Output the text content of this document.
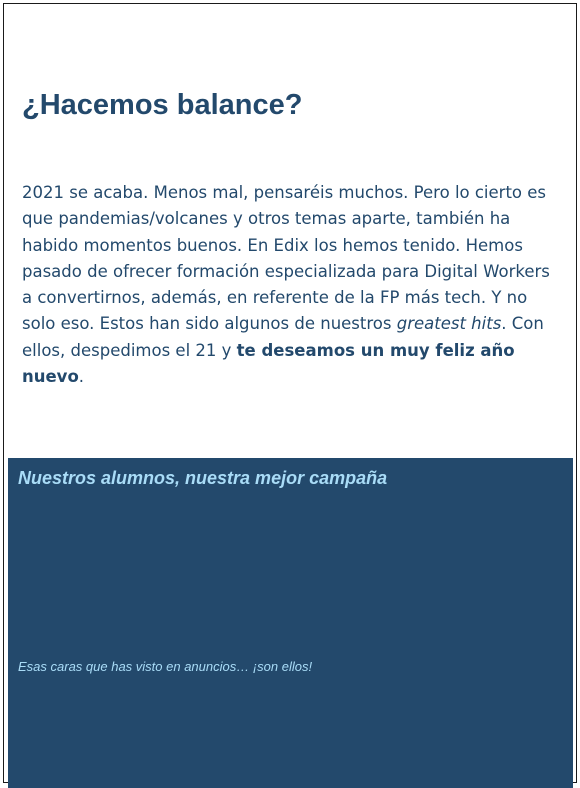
¿Hacemos balance?

2021 se acaba. Menos mal, pensaréis muchos. Pero lo cierto es que pandemias/volcanes y otros temas aparte, también ha habido momentos buenos. En Edix los hemos tenido. Hemos pasado de ofrecer formación especializada para Digital Workers a convertirnos, además, en referente de la FP más tech. Y no solo eso. Estos han sido algunos de nuestros greatest hits. Con ellos, despedimos el 21 y te deseamos un muy feliz año nuevo.

Nuestros alumnos, nuestra mejor campaña

Esas caras que has visto en anuncios… ¡son ellos!
